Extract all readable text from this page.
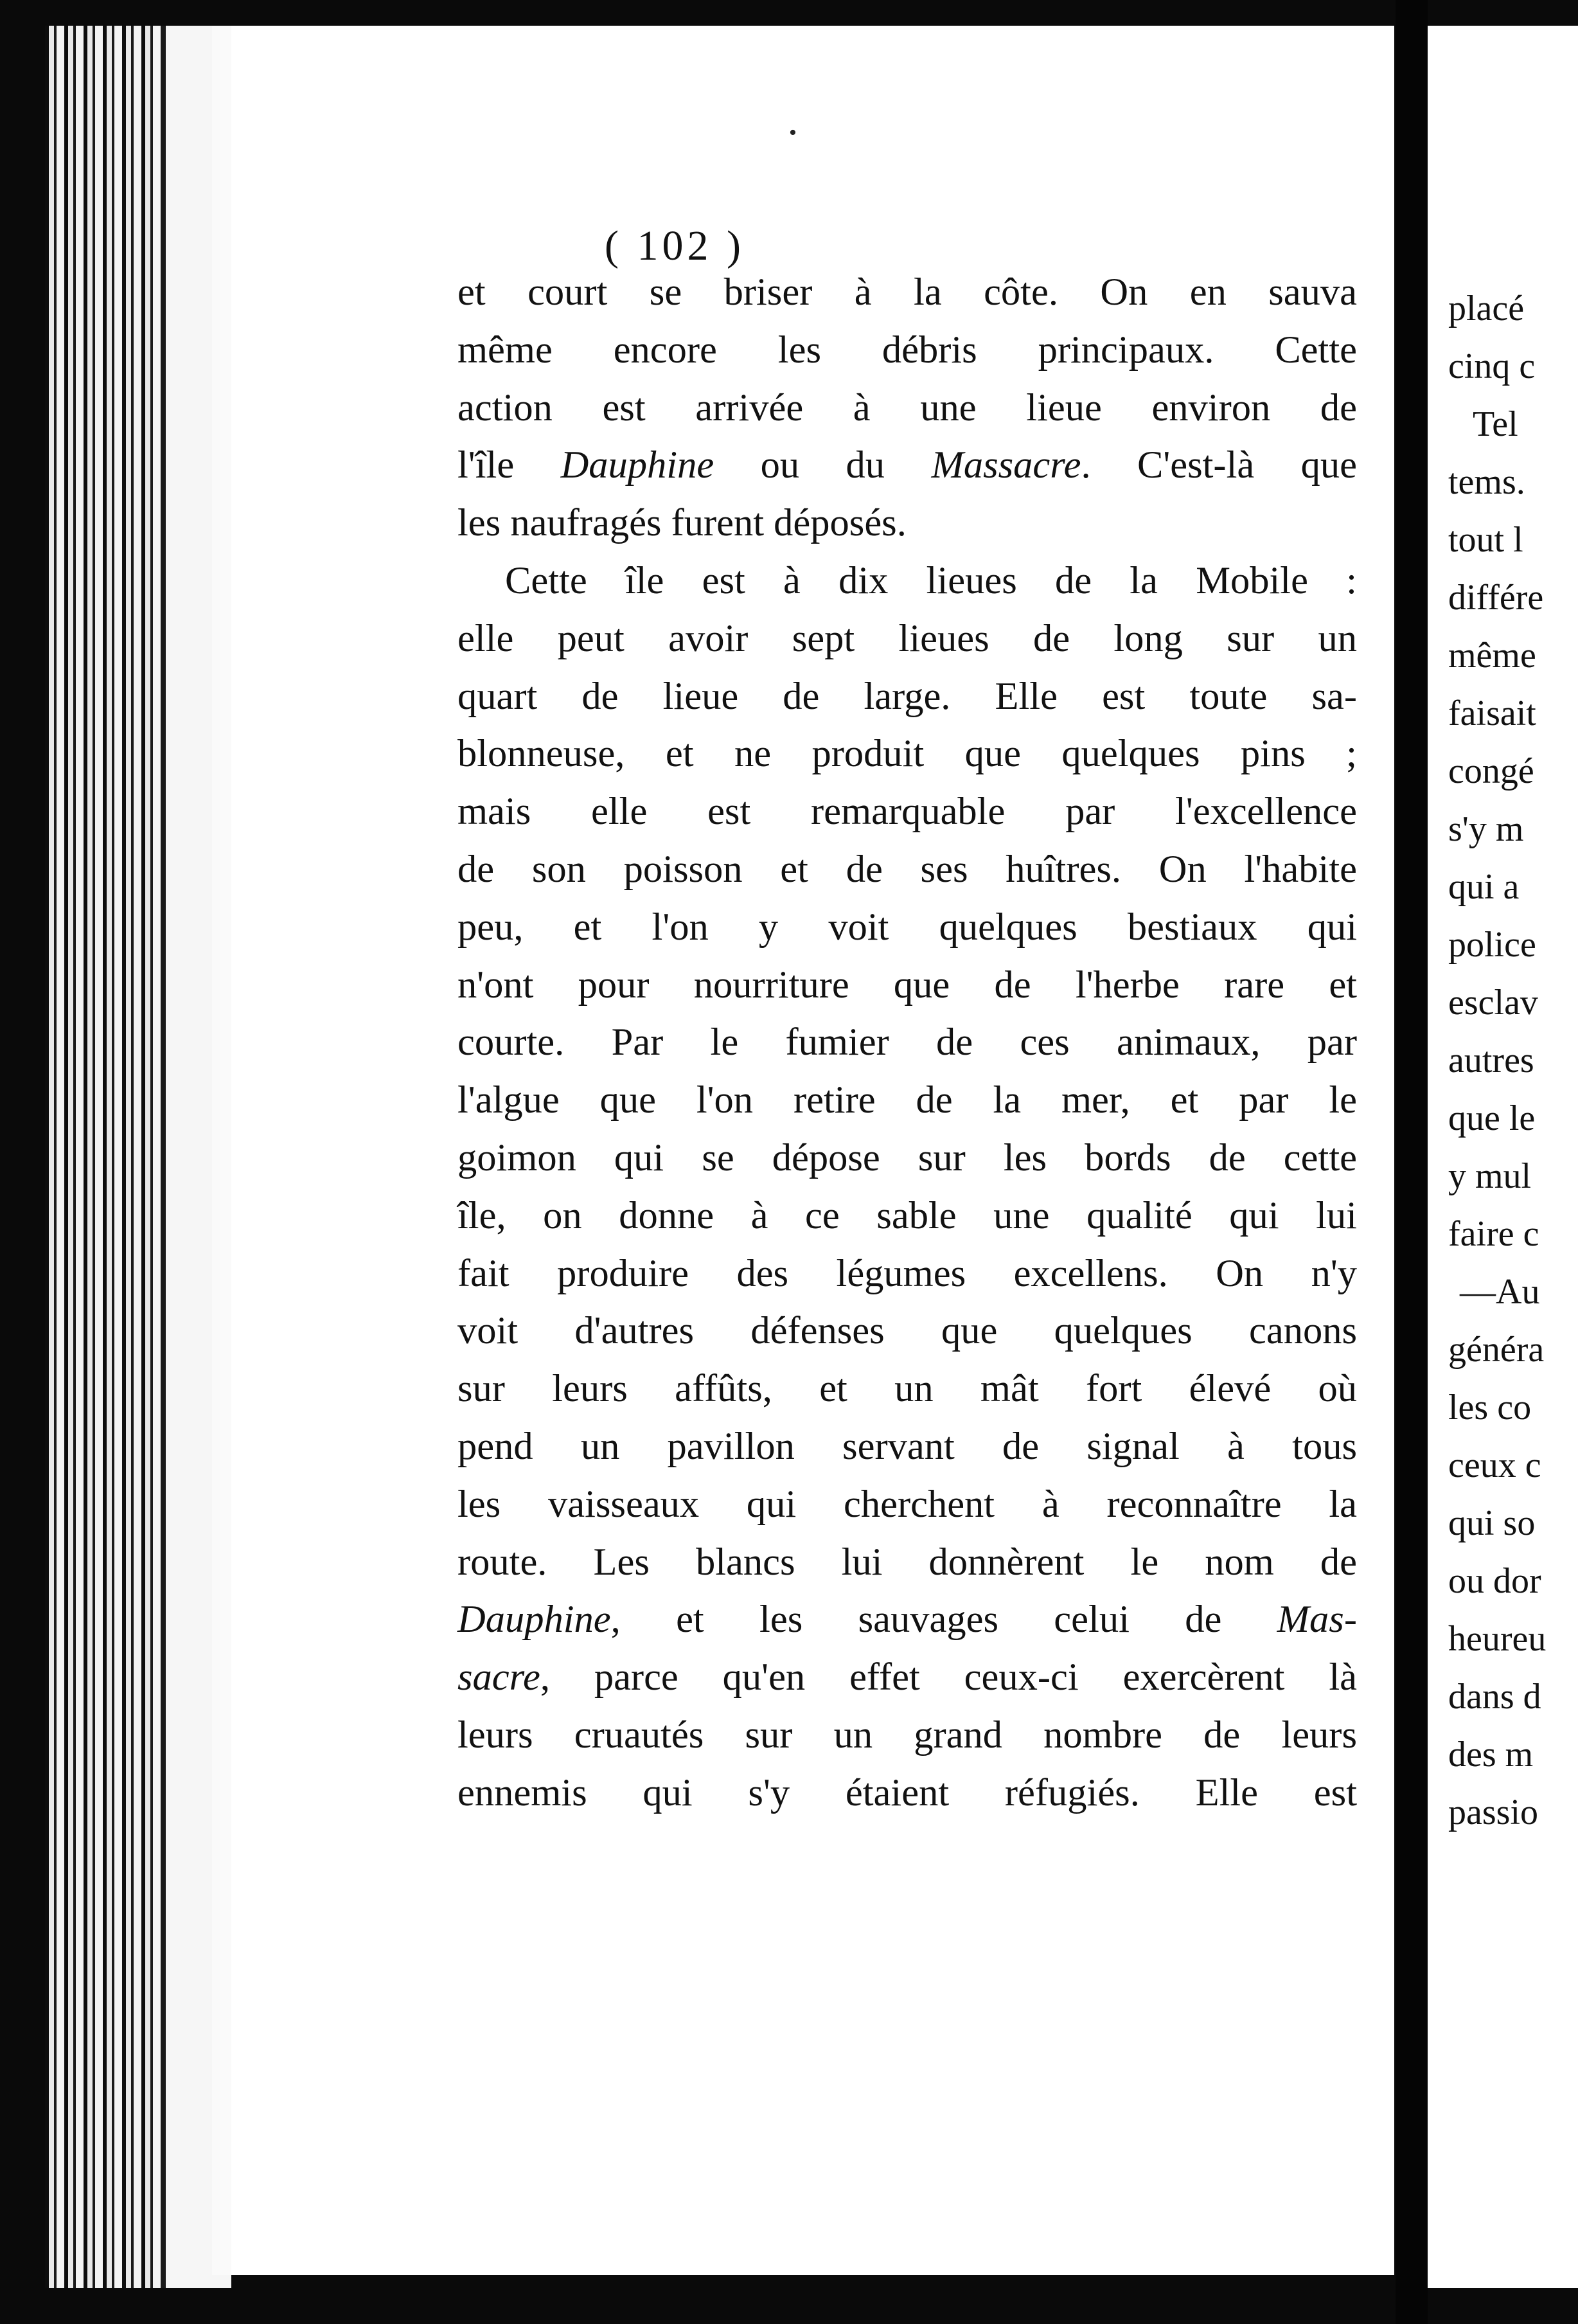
•
( 102 )
et court se briser à la côte. On en sauva
même encore les débris principaux. Cette
action est arrivée à une lieue environ de
l'île Dauphine ou du Massacre. C'est-là que
les naufragés furent déposés.
Cette île est à dix lieues de la Mobile :
elle peut avoir sept lieues de long sur un
quart de lieue de large. Elle est toute sa-
blonneuse, et ne produit que quelques pins ;
mais elle est remarquable par l'excellence
de son poisson et de ses huîtres. On l'habite
peu, et l'on y voit quelques bestiaux qui
n'ont pour nourriture que de l'herbe rare et
courte. Par le fumier de ces animaux, par
l'algue que l'on retire de la mer, et par le
goimon qui se dépose sur les bords de cette
île, on donne à ce sable une qualité qui lui
fait produire des légumes excellens. On n'y
voit d'autres défenses que quelques canons
sur leurs affûts, et un mât fort élevé où
pend un pavillon servant de signal à tous
les vaisseaux qui cherchent à reconnaître la
route. Les blancs lui donnèrent le nom de
Dauphine, et les sauvages celui de Mas-
sacre, parce qu'en effet ceux-ci exercèrent là
leurs cruautés sur un grand nombre de leurs
ennemis qui s'y étaient réfugiés. Elle est
placé
cinq c
Tel
tems.
tout l
différe
même
faisait
congé
s'y m
qui a
police
esclav
autres
que le
y mul
faire c
—Au
généra
les co
ceux c
qui so
ou dor
heureu
dans d
des m
passio
